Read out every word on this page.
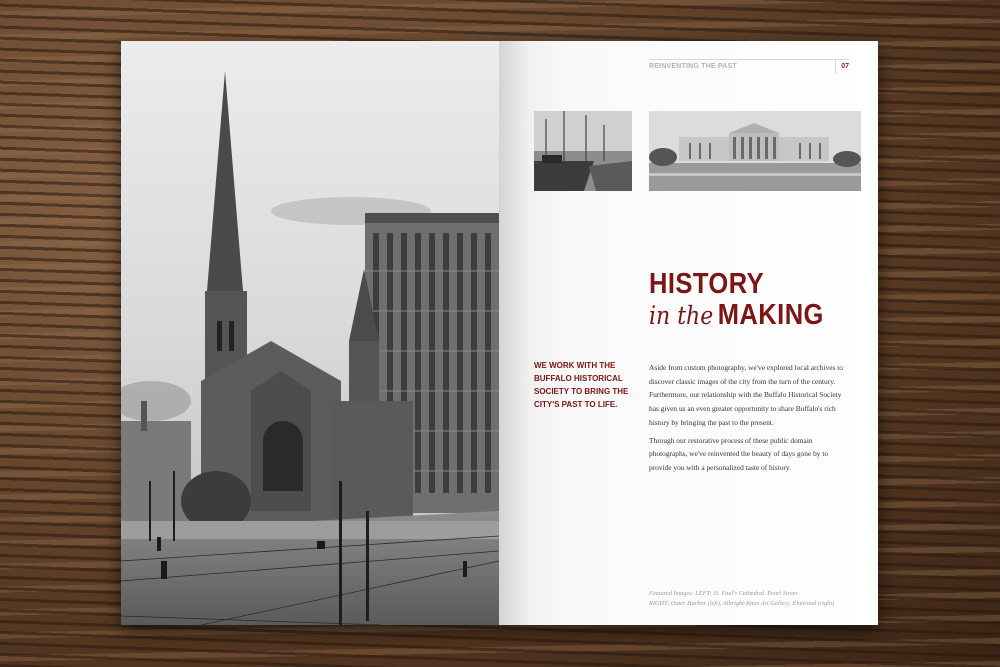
REINVENTING THE PAST	07
HISTORY
in the MAKING
WE WORK WITH THE BUFFALO HISTORICAL SOCIETY TO BRING THE CITY'S PAST TO LIFE.

Aside from custom photography, we've explored local archives to discover classic images of the city from the turn of the century. Furthermore, our relationship with the Buffalo Historical Society has given us an even greater opportunity to share Buffalo's rich history by bringing the past to the present.

Through our restorative process of these public domain photographs, we've reinvented the beauty of days gone by to provide you with a personalized taste of history.

Featured Images: LEFT: St. Paul's Cathedral, Pearl Street
RIGHT: Outer Harbor (left), Albright-Knox Art Gallery, Elmwood (right)
